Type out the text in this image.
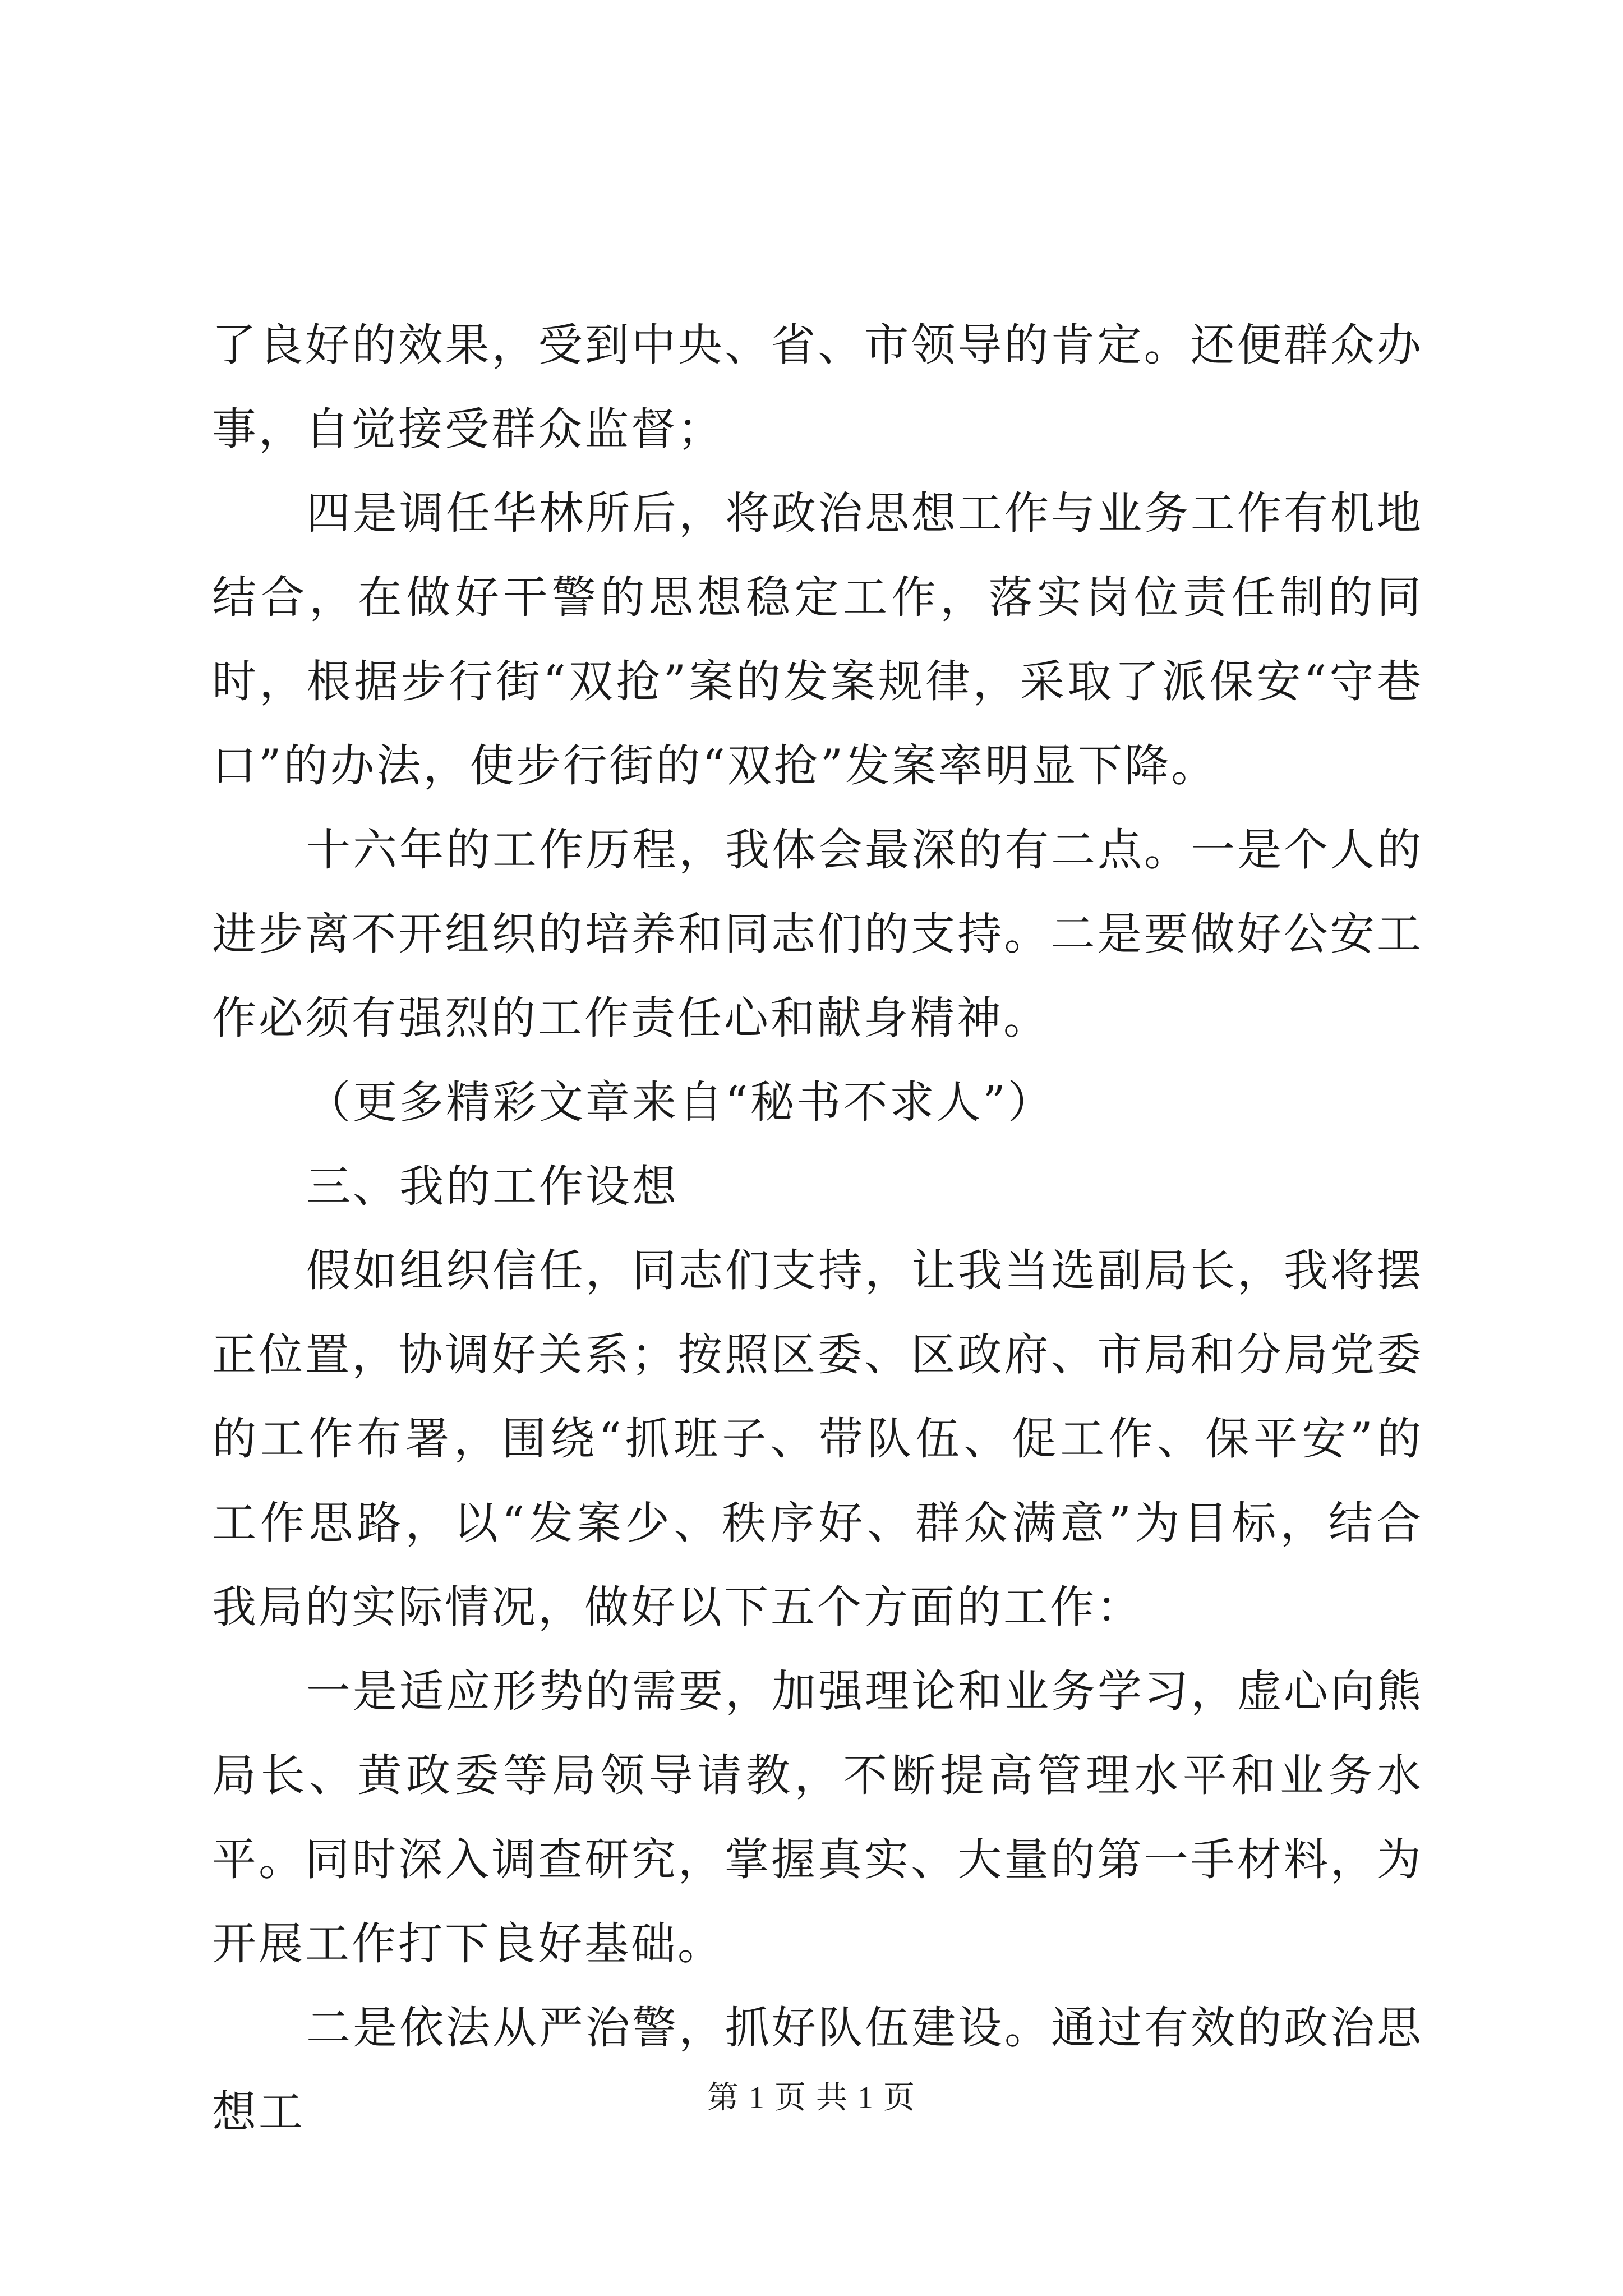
了良好的效果，受到中央、省、市领导的肯定。还便群众办事，自觉接受群众监督；

四是调任华林所后，将政治思想工作与业务工作有机地结合，在做好干警的思想稳定工作，落实岗位责任制的同时，根据步行街“双抢”案的发案规律，采取了派保安“守巷口”的办法，使步行街的“双抢”发案率明显下降。

十六年的工作历程，我体会最深的有二点。一是个人的进步离不开组织的培养和同志们的支持。二是要做好公安工作必须有强烈的工作责任心和献身精神。

（更多精彩文章来自“秘书不求人”）

三、我的工作设想

假如组织信任，同志们支持，让我当选副局长，我将摆正位置，协调好关系；按照区委、区政府、市局和分局党委的工作布署，围绕“抓班子、带队伍、促工作、保平安”的工作思路，以“发案少、秩序好、群众满意”为目标，结合我局的实际情况，做好以下五个方面的工作：

一是适应形势的需要，加强理论和业务学习，虚心向熊局长、黄政委等局领导请教，不断提高管理水平和业务水平。同时深入调查研究，掌握真实、大量的第一手材料，为开展工作打下良好基础。

二是依法从严治警，抓好队伍建设。通过有效的政治思想工	第 1 页 共 1 页
